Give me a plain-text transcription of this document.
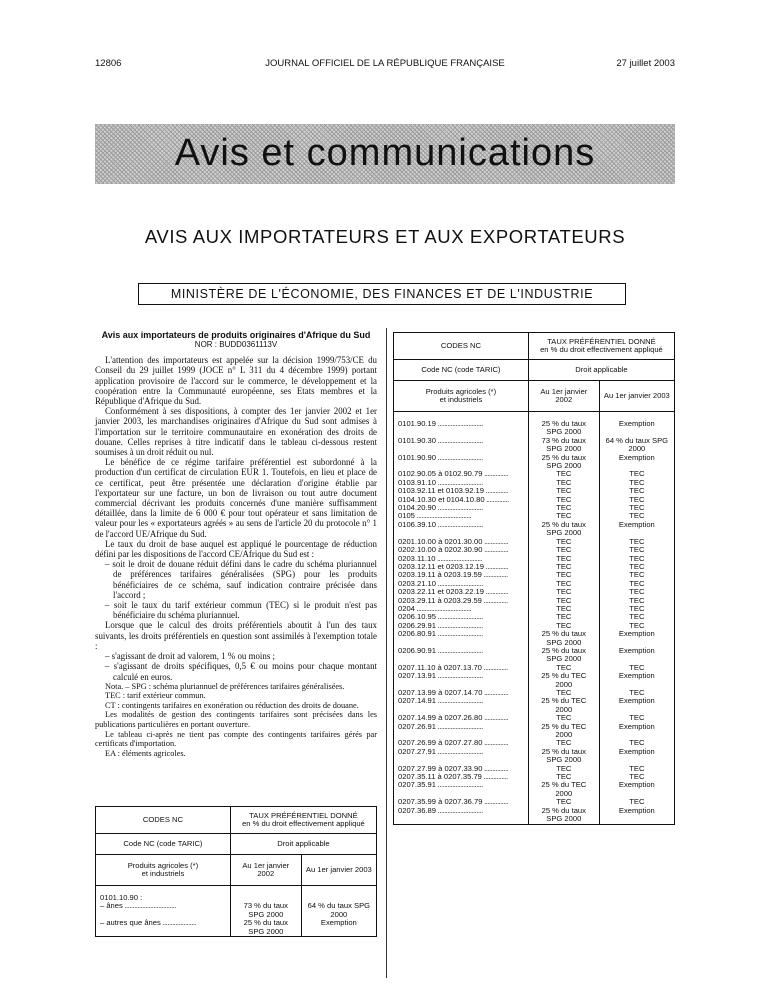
12806	JOURNAL OFFICIEL DE LA RÉPUBLIQUE FRANÇAISE	27 juillet 2003
Avis et communications
AVIS AUX IMPORTATEURS ET AUX EXPORTATEURS
MINISTÈRE DE L'ÉCONOMIE, DES FINANCES ET DE L'INDUSTRIE
Avis aux importateurs de produits originaires d'Afrique du Sud
NOR : BUDD0361113V

L'attention des importateurs est appelée sur la décision 1999/753/CE du Conseil du 29 juillet 1999 (JOCE n° L 311 du 4 décembre 1999) portant application provisoire de l'accord sur le commerce, le développement et la coopération entre la Communauté européenne, ses Etats membres et la République d'Afrique du Sud.

Conformément à ses dispositions, à compter des 1er janvier 2002 et 1er janvier 2003, les marchandises originaires d'Afrique du Sud sont admises à l'importation sur le territoire communautaire en exonération des droits de douane. Celles reprises à titre indicatif dans le tableau ci-dessous restent soumises à un droit réduit ou nul.

Le bénéfice de ce régime tarifaire préférentiel est subordonné à la production d'un certificat de circulation EUR 1. Toutefois, en lieu et place de ce certificat, peut être présentée une déclaration d'origine établie par l'exportateur sur une facture, un bon de livraison ou tout autre document commercial décrivant les produits concernés d'une manière suffisamment détaillée, dans la limite de 6 000 € pour tout opérateur et sans limitation de valeur pour les « exportateurs agréés » au sens de l'article 20 du protocole n° 1 de l'accord UE/Afrique du Sud.

Le taux du droit de base auquel est appliqué le pourcentage de réduction défini par les dispositions de l'accord CE/Afrique du Sud est :

– soit le droit de douane réduit défini dans le cadre du schéma pluriannuel de préférences tarifaires généralisées (SPG) pour les produits bénéficiaires de ce schéma, sauf indication contraire précisée dans l'accord ;

– soit le taux du tarif extérieur commun (TEC) si le produit n'est pas bénéficiaire du schéma pluriannuel.

Lorsque que le calcul des droits préférentiels aboutit à l'un des taux suivants, les droits préférentiels en question sont assimilés à l'exemption totale :

– s'agissant de droit ad valorem, 1 % ou moins ;

– s'agissant de droits spécifiques, 0,5 € ou moins pour chaque montant calculé en euros.

Nota. – SPG : schéma pluriannuel de préférences tarifaires généralisées.

TEC : tarif extérieur commun.

CT : contingents tarifaires en exonération ou réduction des droits de douane.

Les modalités de gestion des contingents tarifaires sont précisées dans les publications particulières en portant ouverture.

Le tableau ci-après ne tient pas compte des contingents tarifaires gérés par certificats d'importation.

EA : éléments agricoles.

CODES NC	TAUX PRÉFÉRENTIEL DONNÉ
en % du droit effectivement appliqué	

Code NC (code TARIC)	Droit applicable	

Produits agricoles (*)
et industriels	Au 1er janvier 2002	Au 1er janvier 2003

0101.10.90 :		
– ânes ................................	73 % du taux SPG 2000	64 % du taux SPG 2000
– autres que ânes .....................	25 % du taux SPG 2000	Exemption
CODES NC	TAUX PRÉFÉRENTIEL DONNÉ
en % du droit effectivement appliqué	

Code NC (code TARIC)	Droit applicable	

Produits agricoles (*)
et industriels	Au 1er janvier 2002	Au 1er janvier 2003

0101.90.19 ............................	25 % du taux SPG 2000	Exemption
0101.90.30 ............................	73 % du taux SPG 2000	64 % du taux SPG 2000
0101.90.90 ............................	25 % du taux SPG 2000	Exemption
0102.90.05 à 0102.90.79 ...............	TEC	TEC
0103.91.10 ............................	TEC	TEC
0103.92.11 et 0103.92.19 ..............	TEC	TEC
0104.10.30 et 0104.10.80 ..............	TEC	TEC
0104.20.90 ............................	TEC	TEC
0105 ..................................	TEC	TEC
0106.39.10 ............................	25 % du taux SPG 2000	Exemption
0201.10.00 à 0201.30.00 ...............	TEC	TEC
0202.10.00 à 0202.30.90 ...............	TEC	TEC
0203.11.10 ............................	TEC	TEC
0203.12.11 et 0203.12.19 ..............	TEC	TEC
0203.19.11 à 0203.19.59 ...............	TEC	TEC
0203.21.10 ............................	TEC	TEC
0203.22.11 et 0203.22.19 ..............	TEC	TEC
0203.29.11 à 0203.29.59 ...............	TEC	TEC
0204 ..................................	TEC	TEC
0206.10.95 ............................	TEC	TEC
0206.29.91 ............................	TEC	TEC
0206.80.91 ............................	25 % du taux SPG 2000	Exemption
0206.90.91 ............................	25 % du taux SPG 2000	Exemption
0207.11.10 à 0207.13.70 ...............	TEC	TEC
0207.13.91 ............................	25 % du TEC 2000	Exemption
0207.13.99 à 0207.14.70 ...............	TEC	TEC
0207.14.91 ............................	25 % du TEC 2000	Exemption
0207.14.99 à 0207.26.80 ...............	TEC	TEC
0207.26.91 ............................	25 % du TEC 2000	Exemption
0207.26.99 à 0207.27.80 ...............	TEC	TEC
0207.27.91 ............................	25 % du taux SPG 2000	Exemption
0207.27.99 à 0207.33.90 ...............	TEC	TEC
0207.35.11 à 0207.35.79 ...............	TEC	TEC
0207.35.91 ............................	25 % du TEC 2000	Exemption
0207.35.99 à 0207.36.79 ...............	TEC	TEC
0207.36.89 ............................	25 % du taux SPG 2000	Exemption
